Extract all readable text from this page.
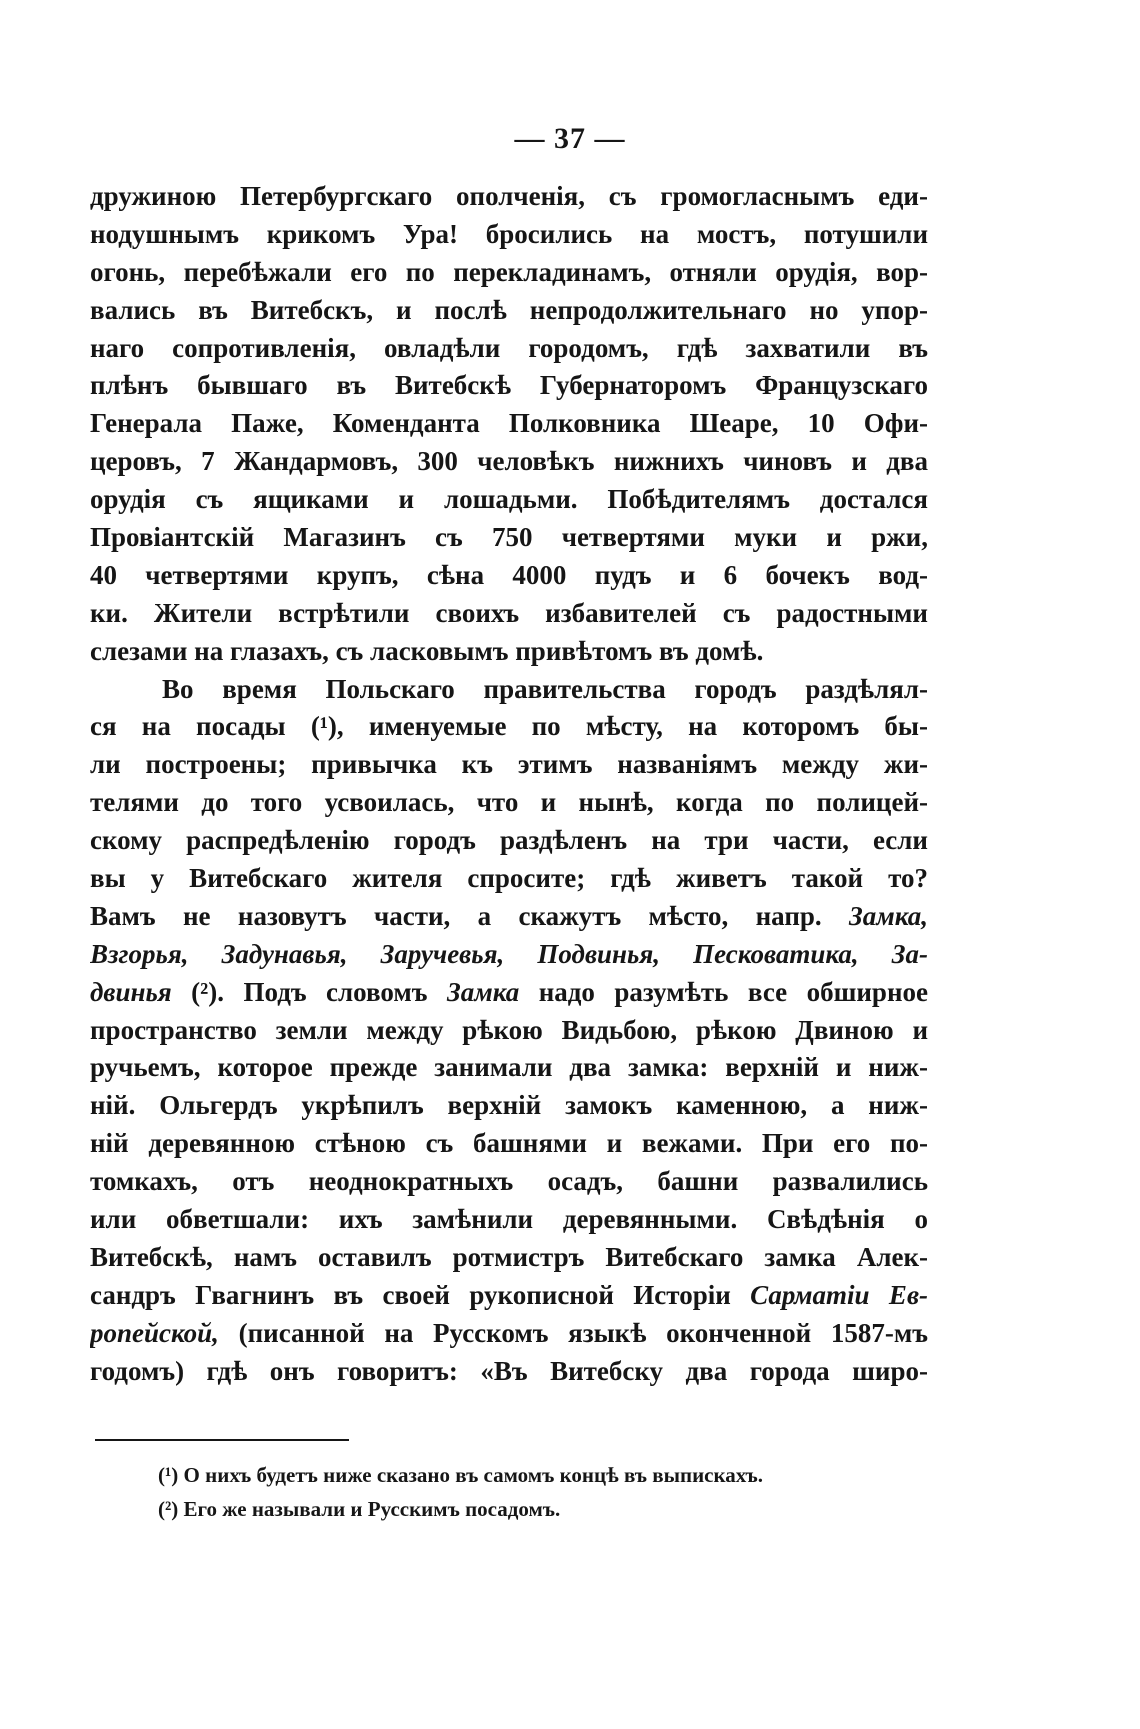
— 37 —
дружиною Петербургскаго ополченія, съ громогласнымъ еди-
нодушнымъ крикомъ Ура! бросились на мостъ, потушили
огонь, перебѣжали его по перекладинамъ, отняли орудія, вор-
вались въ Витебскъ, и послѣ непродолжительнаго но упор-
наго сопротивленія, овладѣли городомъ, гдѣ захватили въ
плѣнъ бывшаго въ Витебскѣ Губернаторомъ Французскаго
Генерала Паже, Коменданта Полковника Шеаре, 10 Офи-
церовъ, 7 Жандармовъ, 300 человѣкъ нижнихъ чиновъ и два
орудія съ ящиками и лошадьми. Побѣдителямъ достался
Провіантскій Магазинъ съ 750 четвертями муки и ржи,
40 четвертями крупъ, сѣна 4000 пудъ и 6 бочекъ вод-
ки. Жители встрѣтили своихъ избавителей съ радостными
слезами на глазахъ, съ ласковымъ привѣтомъ въ домѣ.
Во время Польскаго правительства городъ раздѣлял-
ся на посады (¹), именуемые по мѣсту, на которомъ бы-
ли построены; привычка къ этимъ названіямъ между жи-
телями до того усвоилась, что и нынѣ, когда по полицей-
скому распредѣленію городъ раздѣленъ на три части, если
вы у Витебскаго жителя спросите; гдѣ живетъ такой то?
Вамъ не назовутъ части, а скажутъ мѣсто, напр. Замка,
Взгорья, Задунавья, Заручевья, Подвинья, Песковатика, За-
двинья (²). Подъ словомъ Замка надо разумѣть все обширное
пространство земли между рѣкою Видьбою, рѣкою Двиною и
ручьемъ, которое прежде занимали два замка: верхній и ниж-
ній. Ольгердъ укрѣпилъ верхній замокъ каменною, а ниж-
ній деревянною стѣною съ башнями и вежами. При его по-
томкахъ, отъ неоднократныхъ осадъ, башни развалились
или обветшали: ихъ замѣнили деревянными. Свѣдѣнія о
Витебскѣ, намъ оставилъ ротмистръ Витебскаго замка Алек-
сандръ Гвагнинъ въ своей рукописной Исторіи Сарматіи Ев-
ропейской, (писанной на Русскомъ языкѣ оконченной 1587-мъ
годомъ) гдѣ онъ говоритъ: «Въ Витебску два города широ-
(¹) О нихъ будетъ ниже сказано въ самомъ концѣ въ выпискахъ.
(²) Его же называли и Русскимъ посадомъ.
